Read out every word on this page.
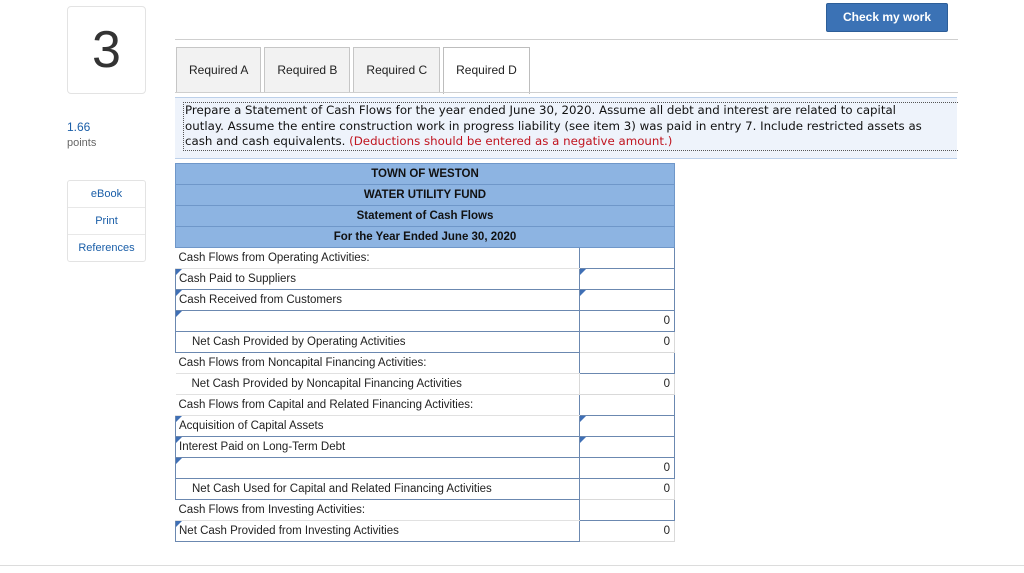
3
1.66
points
eBook
Print
References
Check my work
Required A	Required B	Required C	Required D
Prepare a Statement of Cash Flows for the year ended June 30, 2020. Assume all debt and interest are related to capital
outlay. Assume the entire construction work in progress liability (see item 3) was paid in entry 7. Include restricted assets as
cash and cash equivalents. (Deductions should be entered as a negative amount.)
TOWN OF WESTON	
WATER UTILITY FUND	
Statement of Cash Flows	
For the Year Ended June 30, 2020	
Cash Flows from Operating Activities:	

Cash Paid to Suppliers	

Cash Received from Customers	

	0
Net Cash Provided by Operating Activities	0
Cash Flows from Noncapital Financing Activities:	
Net Cash Provided by Noncapital Financing Activities	0
Cash Flows from Capital and Related Financing Activities:	

Acquisition of Capital Assets	

Interest Paid on Long-Term Debt	

	0
Net Cash Used for Capital and Related Financing Activities	0
Cash Flows from Investing Activities:	

Net Cash Provided from Investing Activities	0
